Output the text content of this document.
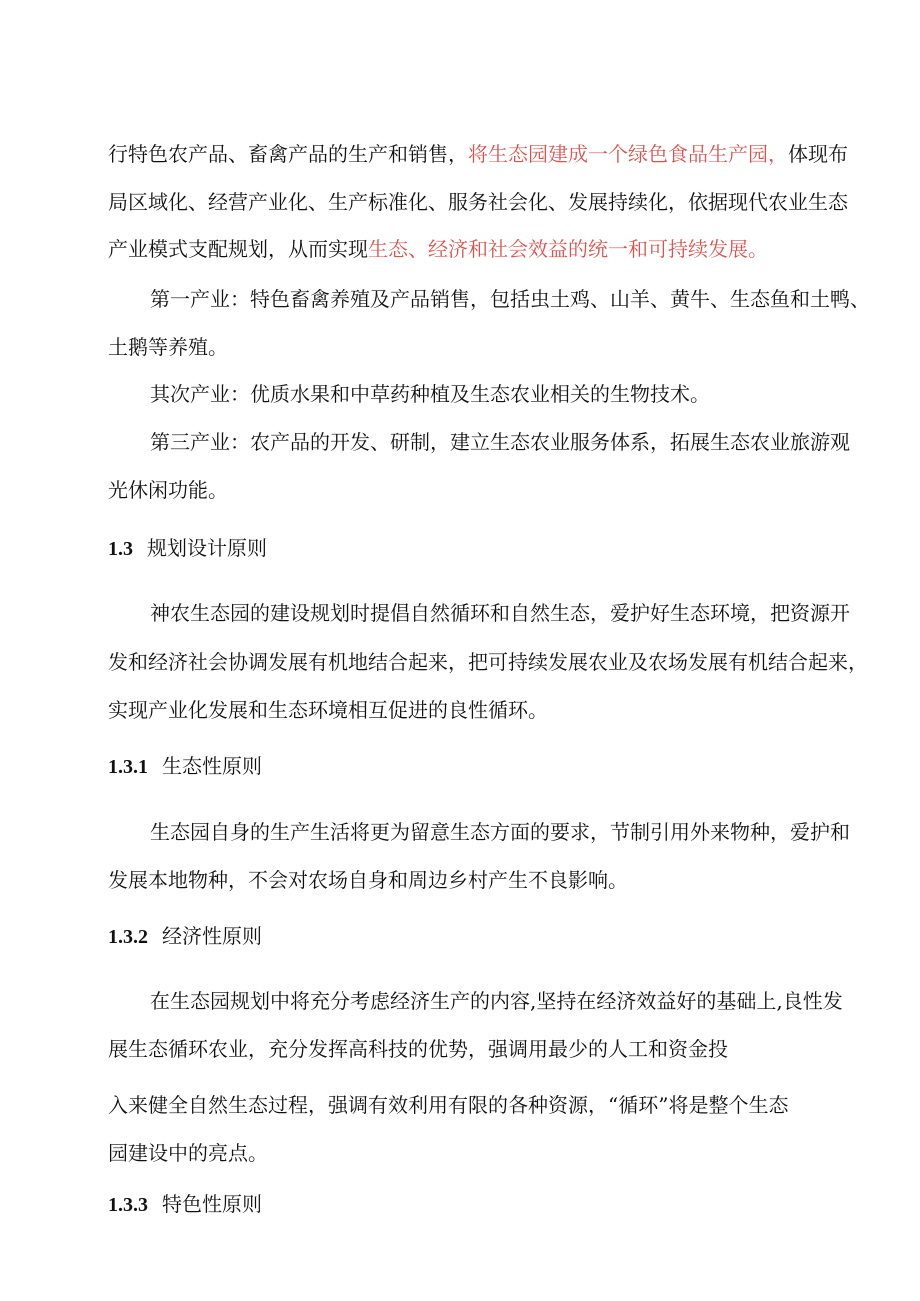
行特色农产品、畜禽产品的生产和销售，将生态园建成一个绿色食品生产园，体现布
局区域化、经营产业化、生产标准化、服务社会化、发展持续化，依据现代农业生态
产业模式支配规划，从而实现生态、经济和社会效益的统一和可持续发展。
第一产业：特色畜禽养殖及产品销售，包括虫土鸡、山羊、黄牛、生态鱼和土鸭、
土鹅等养殖。
其次产业：优质水果和中草药种植及生态农业相关的生物技术。
第三产业：农产品的开发、研制，建立生态农业服务体系，拓展生态农业旅游观
光休闲功能。
1.3 规划设计原则
神农生态园的建设规划时提倡自然循环和自然生态，爱护好生态环境，把资源开
发和经济社会协调发展有机地结合起来，把可持续发展农业及农场发展有机结合起来，
实现产业化发展和生态环境相互促进的良性循环。
1.3.1 生态性原则
生态园自身的生产生活将更为留意生态方面的要求，节制引用外来物种，爱护和
发展本地物种，不会对农场自身和周边乡村产生不良影响。
1.3.2 经济性原则
在生态园规划中将充分考虑经济生产的内容,坚持在经济效益好的基础上,良性发
展生态循环农业，充分发挥高科技的优势，强调用最少的人工和资金投
入来健全自然生态过程，强调有效利用有限的各种资源，“循环”将是整个生态
园建设中的亮点。
1.3.3 特色性原则
